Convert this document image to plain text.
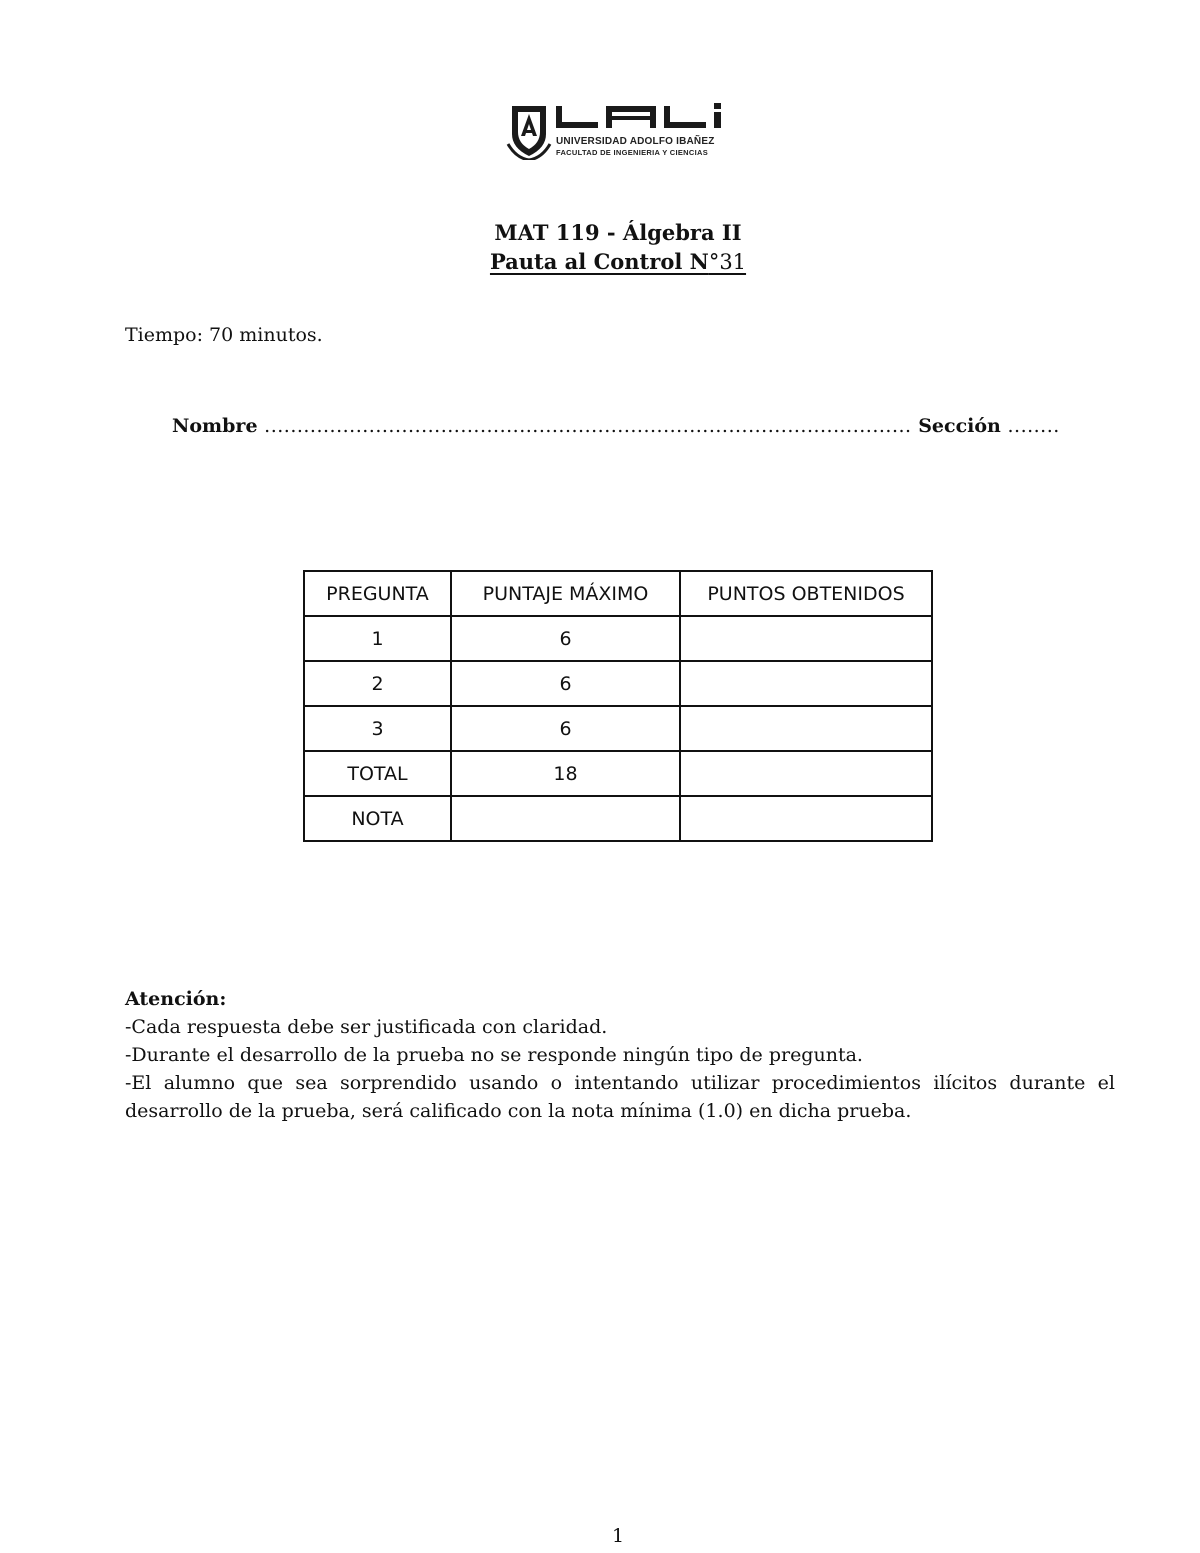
UNIVERSIDAD ADOLFO IBAÑEZ
FACULTAD DE INGENIERIA Y CIENCIAS
MAT 119 - Álgebra II
Pauta al Control N°31
Tiempo: 70 minutos.
Nombre ................................................................................................... Sección ........
PREGUNTA	PUNTAJE MÁXIMO	PUNTOS OBTENIDOS
1	6	
2	6	
3	6	
TOTAL	18	
NOTA		
Atención:
-Cada respuesta debe ser justificada con claridad.
-Durante el desarrollo de la prueba no se responde ningún tipo de pregunta.
-El alumno que sea sorprendido usando o intentando utilizar procedimientos ilícitos durante el desarrollo de la prueba, será calificado con la nota mínima (1.0) en dicha prueba.
1
